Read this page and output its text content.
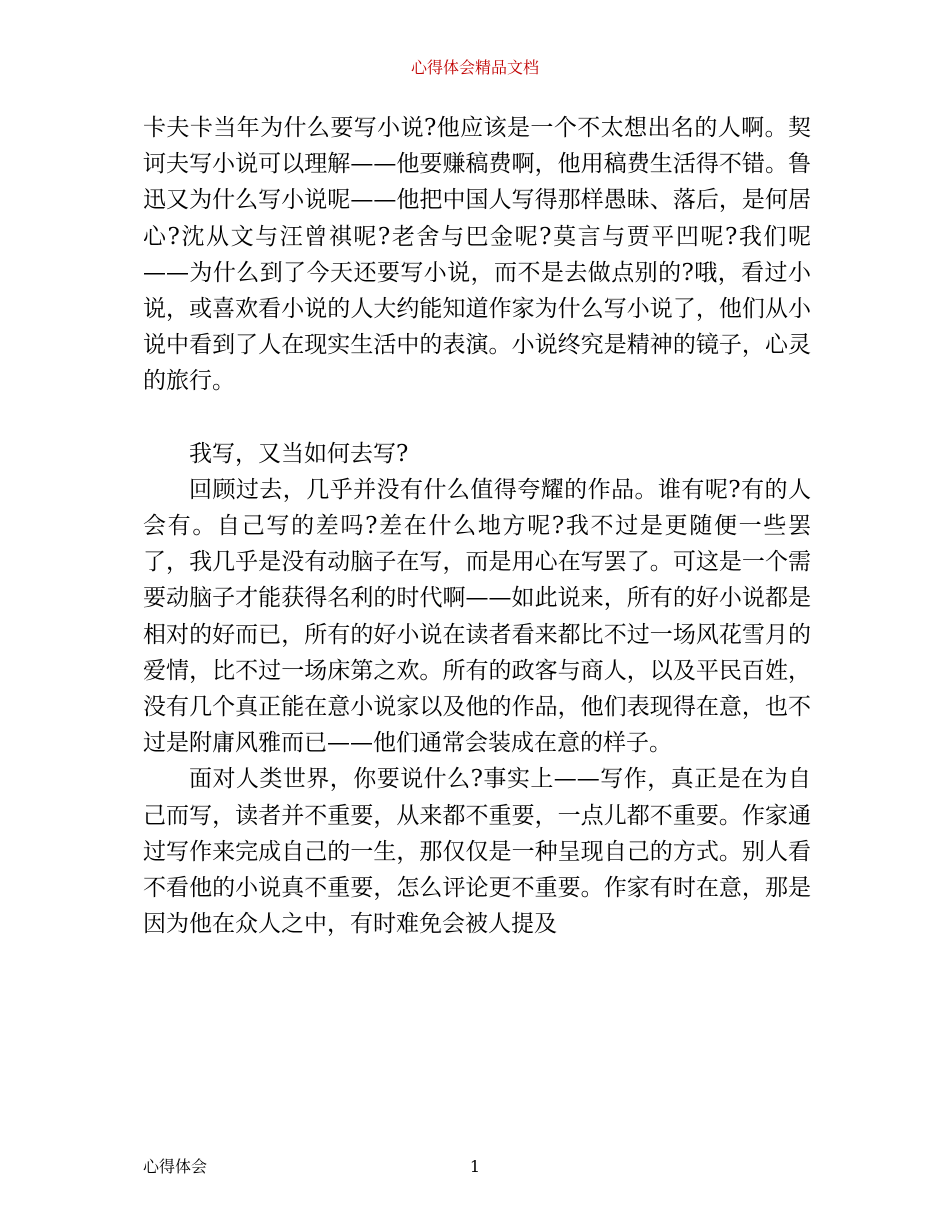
心得体会精品文档

卡夫卡当年为什么要写小说?他应该是一个不太想出名的人啊。契诃夫写小说可以理解——他要赚稿费啊，他用稿费生活得不错。鲁迅又为什么写小说呢——他把中国人写得那样愚昧、落后，是何居心?沈从文与汪曾祺呢?老舍与巴金呢?莫言与贾平凹呢?我们呢——为什么到了今天还要写小说，而不是去做点别的?哦，看过小说，或喜欢看小说的人大约能知道作家为什么写小说了，他们从小说中看到了人在现实生活中的表演。小说终究是精神的镜子，心灵的旅行。

我写，又当如何去写?

回顾过去，几乎并没有什么值得夸耀的作品。谁有呢?有的人会有。自己写的差吗?差在什么地方呢?我不过是更随便一些罢了，我几乎是没有动脑子在写，而是用心在写罢了。可这是一个需要动脑子才能获得名利的时代啊——如此说来，所有的好小说都是相对的好而已，所有的好小说在读者看来都比不过一场风花雪月的爱情，比不过一场床第之欢。所有的政客与商人，以及平民百姓，没有几个真正能在意小说家以及他的作品，他们表现得在意，也不过是附庸风雅而已——他们通常会装成在意的样子。

面对人类世界，你要说什么?事实上——写作，真正是在为自己而写，读者并不重要，从来都不重要，一点儿都不重要。作家通过写作来完成自己的一生，那仅仅是一种呈现自己的方式。别人看不看他的小说真不重要，怎么评论更不重要。作家有时在意，那是因为他在众人之中，有时难免会被人提及

心得体会	1
